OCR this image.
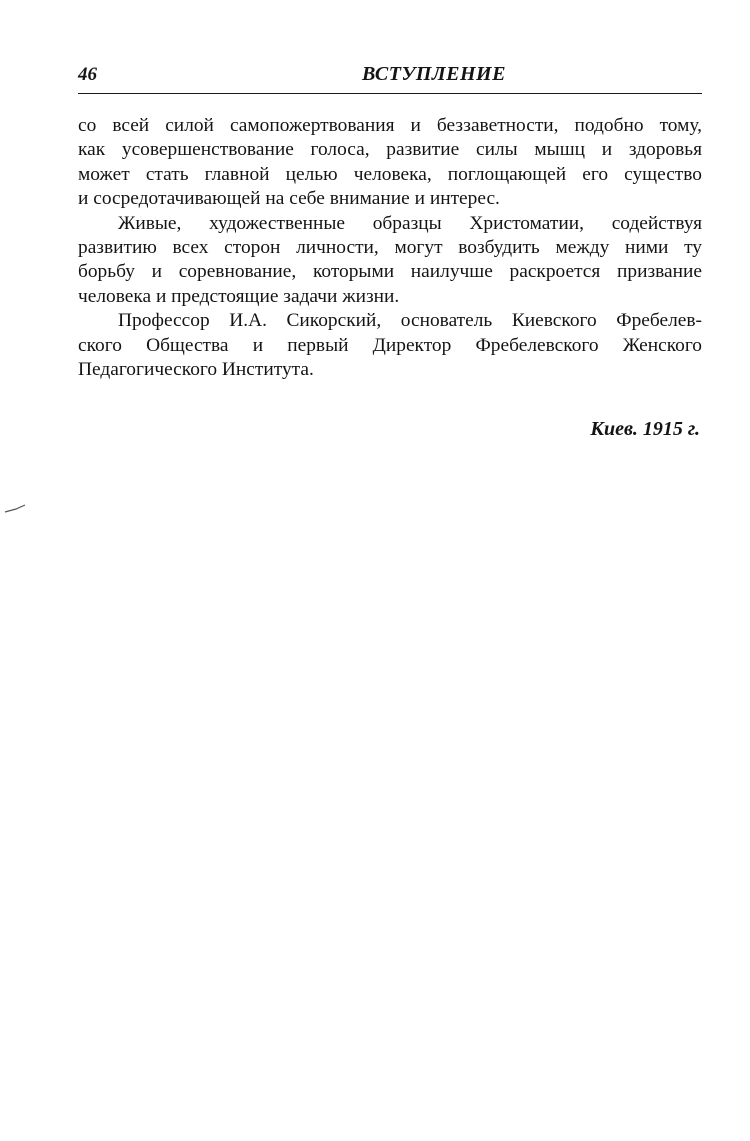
46	ВСТУПЛЕНИЕ
со всей силой самопожертвования и беззаветности, подобно тому,
как усовершенствование голоса, развитие силы мышц и здоровья
может стать главной целью человека, поглощающей его существо
и сосредотачивающей на себе внимание и интерес.
Живые, художественные образцы Христоматии, содействуя
развитию всех сторон личности, могут возбудить между ними ту
борьбу и соревнование, которыми наилучше раскроется призвание
человека и предстоящие задачи жизни.
Профессор И.А. Сикорский, основатель Киевского Фребелев-
ского Общества и первый Директор Фребелевского Женского
Педагогического Института.
Киев. 1915 г.
